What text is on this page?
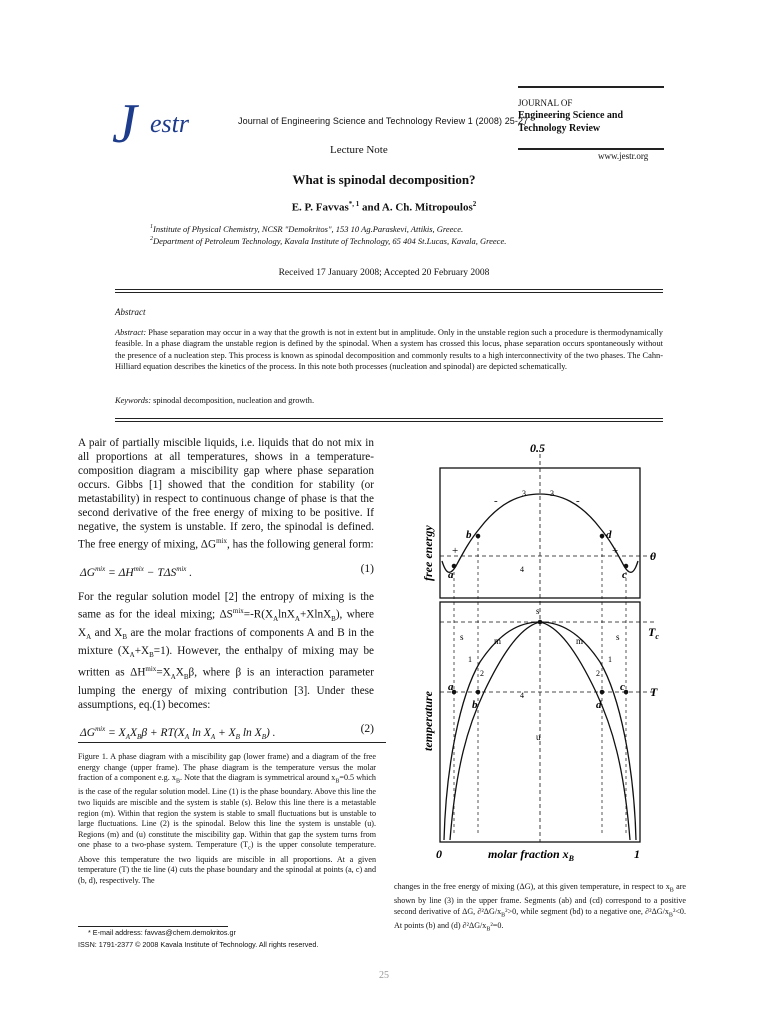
J estr	Journal of Engineering Science and Technology Review 1 (2008) 25-27
Lecture Note
JOURNAL OF
Engineering Science and
Technology Review
www.jestr.org
What is spinodal decomposition?
E. P. Favvas$^{*, 1}$ and A. Ch. Mitropoulos$^2$
$^1$Institute of Physical Chemistry, NCSR "Demokritos", 153 10 Ag.Paraskevi, Attikis, Greece.
$^2$Department of Petroleum Technology, Kavala Institute of Technology, 65 404 St.Lucas, Kavala, Greece.
Received 17 January 2008; Accepted 20 February 2008
Abstract
Abstract: Phase separation may occur in a way that the growth is not in extent but in amplitude. Only in the unstable region such a procedure is thermodynamically feasible. In a phase diagram the unstable region is defined by the spinodal. When a system has crossed this locus, phase separation occurs spontaneously without the presence of a nucleation step. This process is known as spinodal decomposition and commonly results to a high interconnectivity of the two phases. The Cahn-Hilliard equation describes the kinetics of the process. In this note both processes (nucleation and spinodal) are depicted schematically.
Keywords: spinodal decomposition, nucleation and growth.

A pair of partially miscible liquids, i.e. liquids that do not mix in all proportions at all temperatures, shows in a temperature-composition diagram a miscibility gap where phase separation occurs. Gibbs [1] showed that the condition for stability (or metastability) in respect to continuous change of phase is that the second derivative of the free energy of mixing to be positive. If negative, the system is unstable. If zero, the spinodal is defined. The free energy of mixing, $\Delta G^{mix}$, has the following general form:

$\Delta G^{mix} = \Delta H^{mix} - T\Delta S^{mix}$ .	(1)

For the regular solution model [2] the entropy of mixing is the same as for the ideal mixing; $\Delta S^{mix}=-R(X_A\ln X_A+XlnX_B)$, where $X_A$ and $X_B$ are the molar fractions of components A and B in the mixture $(X_A+X_B=1)$. However, the enthalpy of mixing may be written as $\Delta H^{mix}=X_AX_B\beta$, where β is an interaction parameter lumping the energy of mixing contribution [3]. Under these assumptions, eq.(1) becomes:

$\Delta G^{mix} = X_AX_B\beta + RT(X_A$ $\ln X_A + X_B$ $\ln X_B$) .	(2)
Figure 1. A phase diagram with a miscibility gap (lower frame) and a diagram of the free energy change (upper frame). The phase diagram is the temperature versus the molar fraction of a component e.g. $x_B$. Note that the diagram is symmetrical around $x_B=0.5$ which is the case of the regular solution model. Line (1) is the phase boundary. Above this line the two liquids are miscible and the system is stable (s). Below this line there is a metastable region (m). Within that region the system is stable to small fluctuations but is unstable to large fluctuations. Line (2) is the spinodal. Below this line the system is unstable (u). Regions (m) and (u) constitute the miscibility gap. Within that gap the system turns from one phase to a two-phase system. Temperature $(T_c)$ is the upper consolute temperature. Above this temperature the two liquids are miscible in all proportions. At a given temperature (T) the tie line (4) cuts the phase boundary and the spinodal at points (a, c) and (b, d), respectively. The
changes in the free energy of mixing (ΔG), at this given temperature, in respect to $x_B$ are shown by line (3) in the upper frame. Segments (ab) and (cd) correspond to a positive second derivative of ΔG, $\partial^2\Delta G/x_B^2>0$, while segment (bd) to a negative one, $\partial^2\Delta G/x_B^2<0$. At points (b) and (d) $\partial^2\Delta G/x_B^2=0$.
* E-mail address: favvas@chem.demokritos.gr
ISSN: 1791-2377 © 2008 Kavala Institute of Technology. All rights reserved.
25
0.5
0
$T_c$
T
0	1
molar fraction $x_B$
free energy
temperature
a
b	d
c
+	+
-	-
3	3
4
a
b	d
c
4
s
s	s
m	m
u
1	1
2	2
